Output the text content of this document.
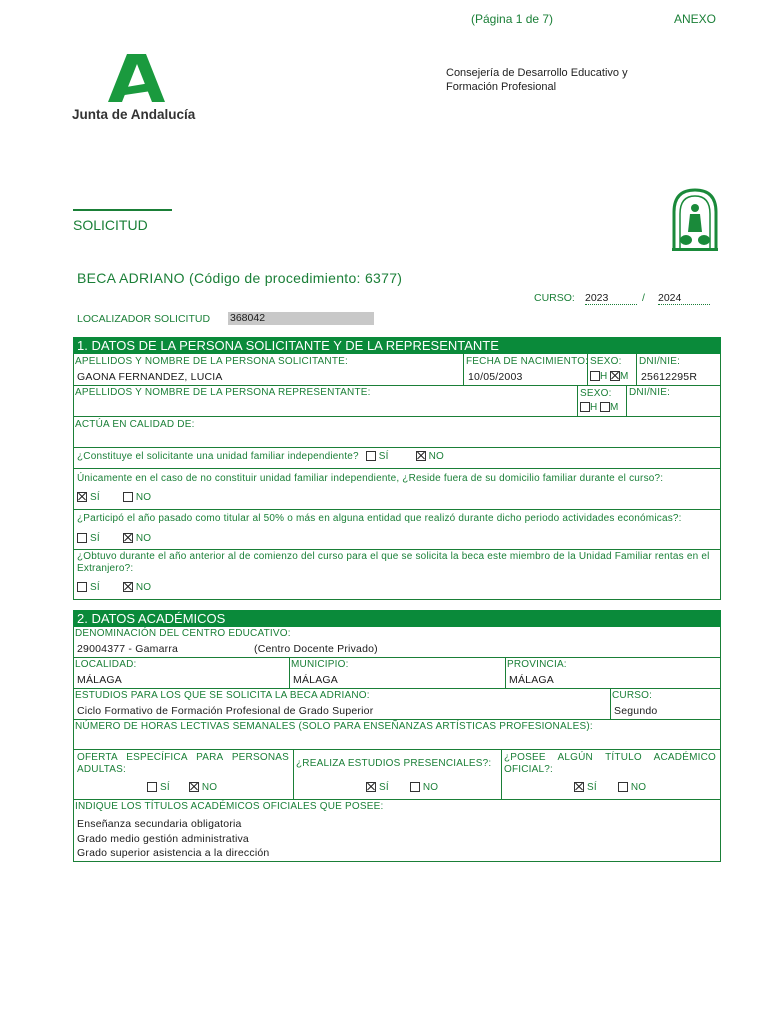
(Página 1 de 7)	ANEXO
Junta de Andalucía
Consejería de Desarrollo Educativo y
Formación Profesional
SOLICITUD
BECA ADRIANO (Código de procedimiento: 6377)
CURSO: 2023	/ 2024
LOCALIZADOR SOLICITUD 368042
1. DATOS DE LA PERSONA SOLICITANTE Y DE LA REPRESENTANTE
APELLIDOS Y NOMBRE DE LA PERSONA SOLICITANTE:
GAONA FERNANDEZ, LUCIA
FECHA DE NACIMIENTO:
10/05/2003
SEXO:
H M
DNI/NIE:
25612295R
APELLIDOS Y NOMBRE DE LA PERSONA REPRESENTANTE:	SEXO:
H M
DNI/NIE:
ACTÚA EN CALIDAD DE:
¿Constituye el solicitante una unidad familiar independiente? SÍ	NO
Únicamente en el caso de no constituir unidad familiar independiente, ¿Reside fuera de su domicilio familiar durante el curso?:
SÍ	NO
¿Participó el año pasado como titular al 50% o más en alguna entidad que realizó durante dicho periodo actividades económicas?:
SÍ	NO
¿Obtuvo durante el año anterior al de comienzo del curso para el que se solicita la beca este miembro de la Unidad Familiar rentas en el Extranjero?:
SÍ	NO
2. DATOS ACADÉMICOS
DENOMINACIÓN DEL CENTRO EDUCATIVO:
29004377 - Gamarra	(Centro Docente Privado)
LOCALIDAD:
MÁLAGA
MUNICIPIO:
MÁLAGA
PROVINCIA:
MÁLAGA
ESTUDIOS PARA LOS QUE SE SOLICITA LA BECA ADRIANO:
Ciclo Formativo de Formación Profesional de Grado Superior
CURSO:
Segundo
NÚMERO DE HORAS LECTIVAS SEMANALES (SOLO PARA ENSEÑANZAS ARTÍSTICAS PROFESIONALES):
OFERTA ESPECÍFICA PARA PERSONAS ADULTAS:
SÍ	NO
¿REALIZA ESTUDIOS PRESENCIALES?:
SÍ	NO
¿POSEE ALGÚN TÍTULO ACADÉMICO OFICIAL?:
SÍ	NO
INDIQUE LOS TÍTULOS ACADÉMICOS OFICIALES QUE POSEE:
Enseñanza secundaria obligatoria
Grado medio gestión administrativa
Grado superior asistencia a la dirección
